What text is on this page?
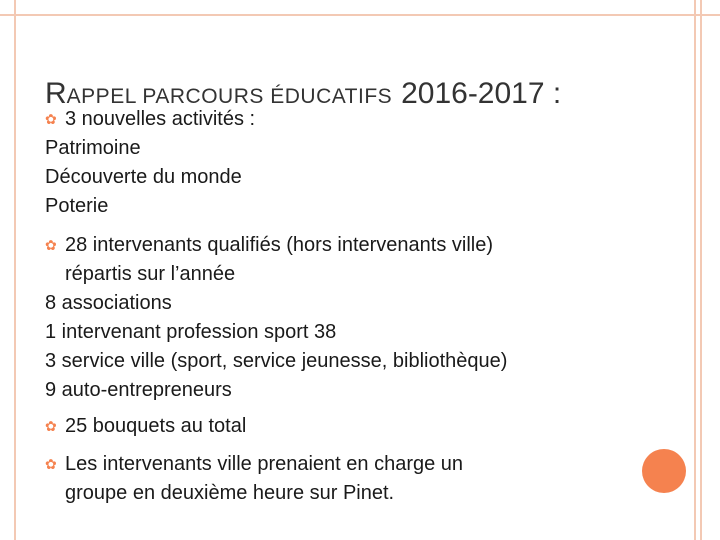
RAPPEL PARCOURS ÉDUCATIFS 2016-2017 :
✿ 3 nouvelles activités :
Patrimoine
Découverte du monde
Poterie
✿ 28 intervenants qualifiés (hors intervenants ville)
répartis sur l’année
8 associations
1 intervenant profession sport 38
3 service ville (sport, service jeunesse, bibliothèque)
9 auto-entrepreneurs
✿ 25 bouquets au total
✿ Les intervenants ville prenaient en charge un
groupe en deuxième heure sur Pinet.
